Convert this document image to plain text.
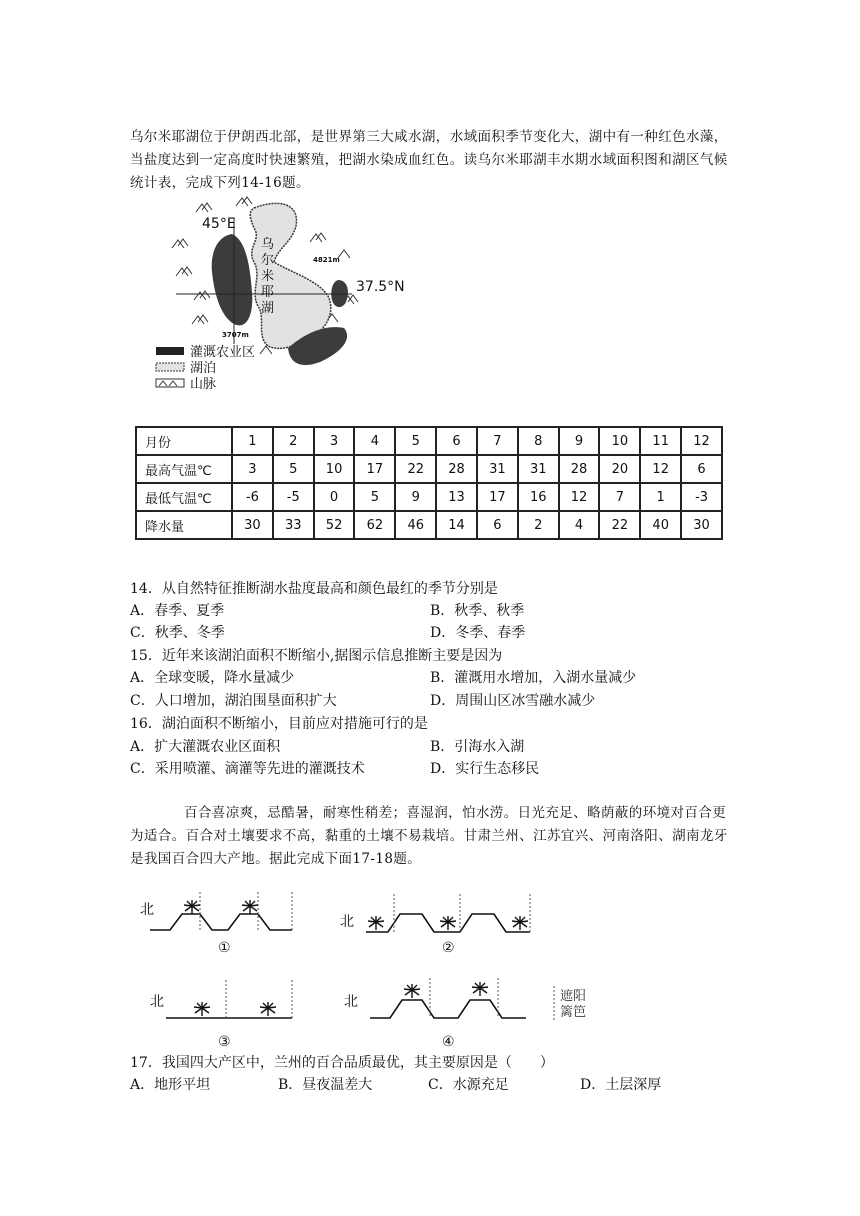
乌尔米耶湖位于伊朗西北部，是世界第三大咸水湖，水域面积季节变化大，湖中有一种红色水藻，当盐度达到一定高度时快速繁殖，把湖水染成血红色。读乌尔米耶湖丰水期水域面积图和湖区气候统计表，完成下列14-16题。
45°E
37.5°N
4821m
3707m
乌尔米耶湖
灌溉农业区
湖泊
山脉
月份	1	2	3	4	5	6	7	8	9	10	11	12
最高气温℃	3	5	10	17	22	28	31	31	28	20	12	6
最低气温℃	-6	-5	0	5	9	13	17	16	12	7	1	-3
降水量	30	33	52	62	46	14	6	2	4	22	40	30
14．从自然特征推断湖水盐度最高和颜色最红的季节分别是
A．春季、夏季	B．秋季、秋季
C．秋季、冬季	D．冬季、春季
15．近年来该湖泊面积不断缩小,据图示信息推断主要是因为
A．全球变暖，降水量减少	B．灌溉用水增加，入湖水量减少
C．人口增加，湖泊围垦面积扩大	D．周围山区冰雪融水减少
16．湖泊面积不断缩小，目前应对措施可行的是
A．扩大灌溉农业区面积	B．引海水入湖
C．采用喷灌、滴灌等先进的灌溉技术	D．实行生态移民
百合喜凉爽，忌酷暑，耐寒性稍差；喜湿润，怕水涝。日光充足、略荫蔽的环境对百合更为适合。百合对土壤要求不高，黏重的土壤不易栽培。甘肃兰州、江苏宜兴、河南洛阳、湖南龙牙是我国百合四大产地。据此完成下面17-18题。
北
①
北
②
北
③
北
④
遮阳篱笆
17．我国四大产区中，兰州的百合品质最优，其主要原因是（　　）
A．地形平坦	B．昼夜温差大	C．水源充足	D．土层深厚
